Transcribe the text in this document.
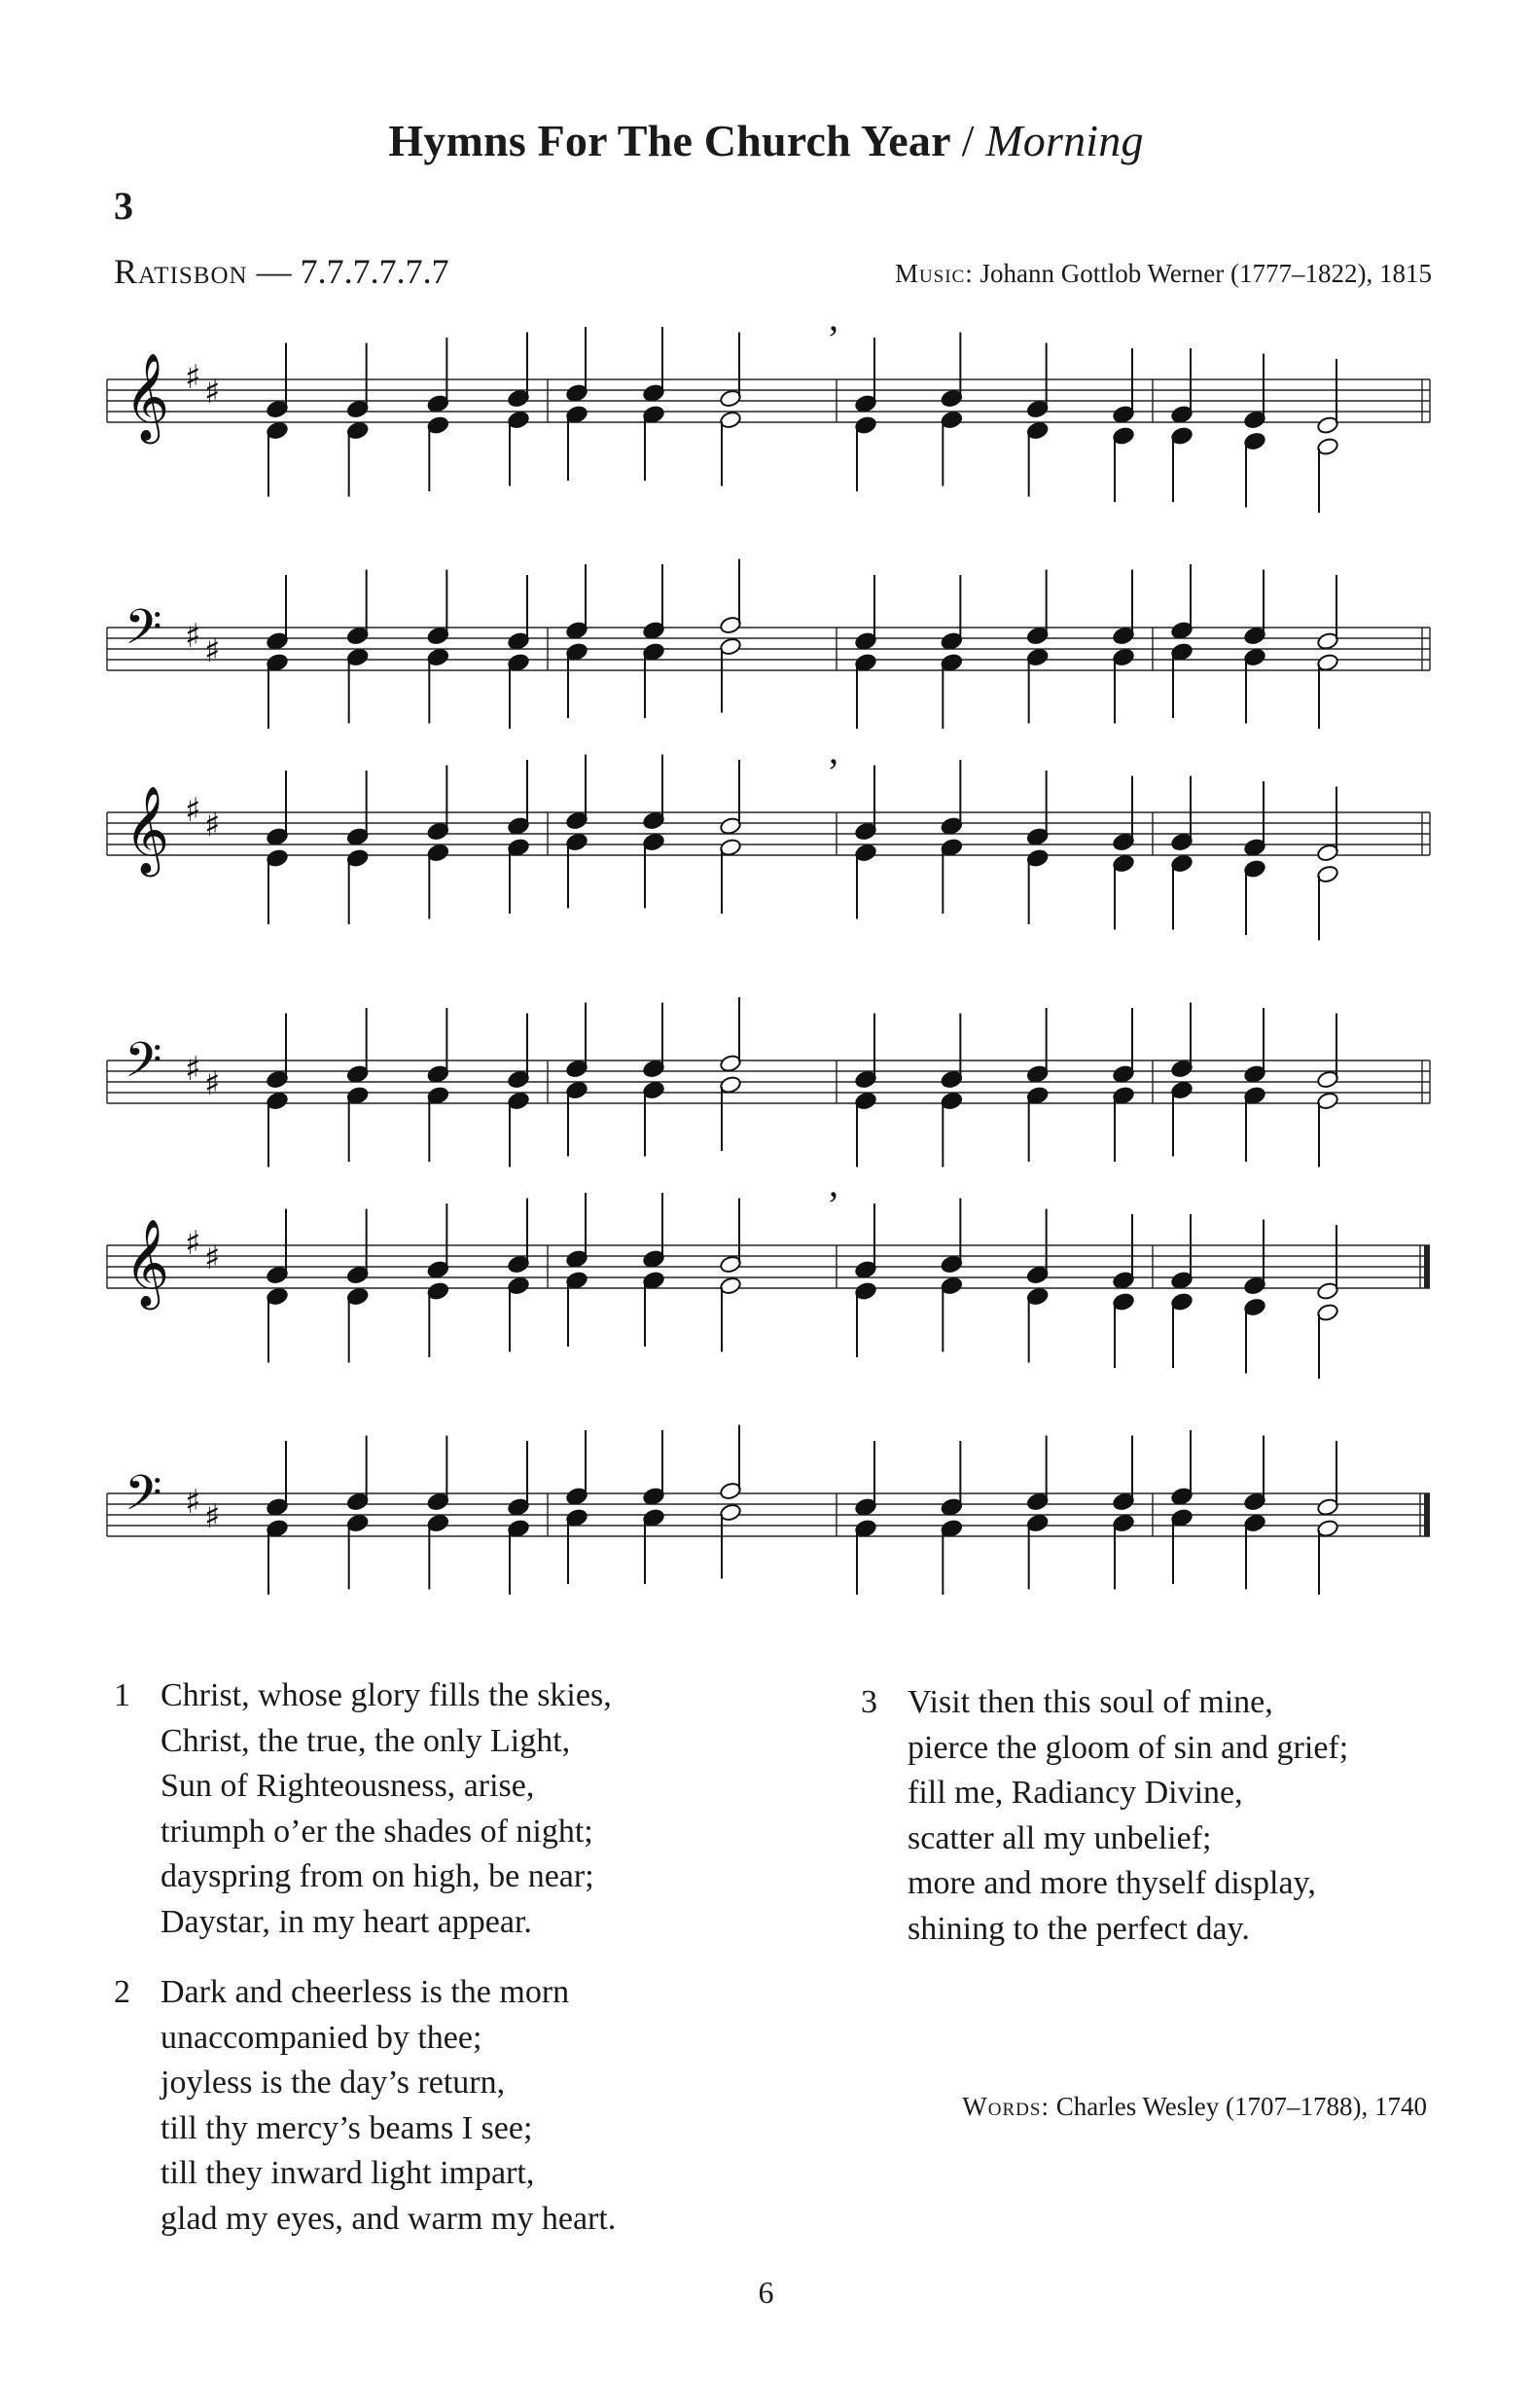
Hymns For The Church Year / Morning
3
Ratisbon — 7.7.7.7.7.7	Music: Johann Gottlob Werner (1777–1822), 1815
𝄞 ♯ ♯
𝄢 ♯ ♯
’
𝄞 ♯ ♯
𝄢 ♯ ♯
’
𝄞 ♯ ♯
𝄢 ♯ ♯
’
1 Christ, whose glory fills the skies,
Christ, the true, the only Light,
Sun of Righteousness, arise,
triumph o’er the shades of night;
dayspring from on high, be near;
Daystar, in my heart appear.
2 Dark and cheerless is the morn
unaccompanied by thee;
joyless is the day’s return,
till thy mercy’s beams I see;
till they inward light impart,
glad my eyes, and warm my heart.
3 Visit then this soul of mine,
pierce the gloom of sin and grief;
fill me, Radiancy Divine,
scatter all my unbelief;
more and more thyself display,
shining to the perfect day.
Words: Charles Wesley (1707–1788), 1740
6
